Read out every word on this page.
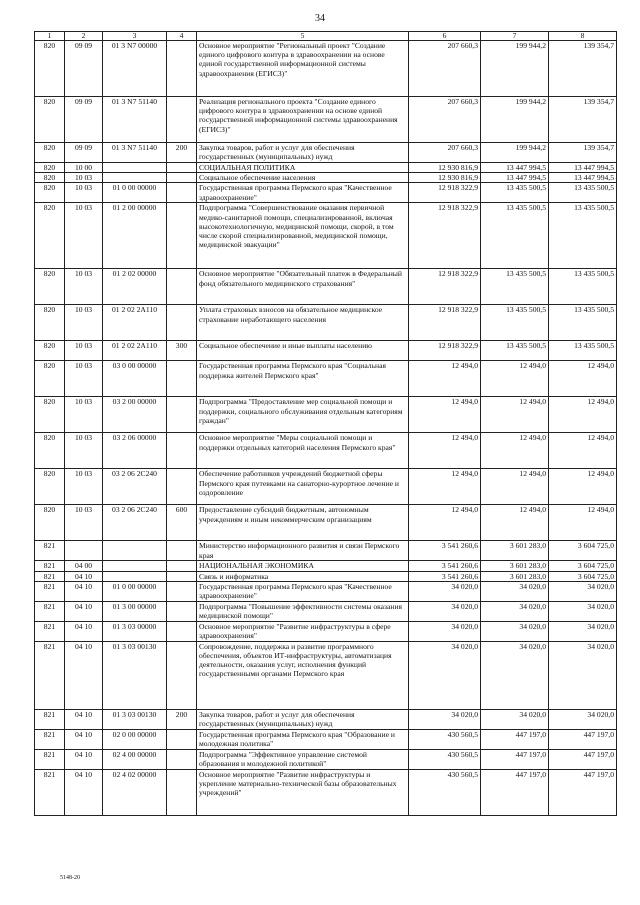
34
1	2	3	4	5	6	7	8
820	09 09	01 3 N7 00000		Основное мероприятие "Региональный проект "Создание единого цифрового контура в здравоохранении на основе единой государственной информационной системы здравоохранения (ЕГИСЗ)"	207 660,3	199 944,2	139 354,7
820	09 09	01 3 N7 51140		Реализация регионального проекта "Создание единого цифрового контура в здравоохранении на основе единой государственной информационной системы здравоохранения (ЕГИСЗ)"	207 660,3	199 944,2	139 354,7
820	09 09	01 3 N7 51140	200	Закупка товаров, работ и услуг для обеспечения государственных (муниципальных) нужд	207 660,3	199 944,2	139 354,7
820	10 00			СОЦИАЛЬНАЯ ПОЛИТИКА	12 930 816,9	13 447 994,5	13 447 994,5
820	10 03			Социальное обеспечение населения	12 930 816,9	13 447 994,5	13 447 994,5
820	10 03	01 0 00 00000		Государственная программа Пермского края "Качественное здравоохранение"	12 918 322,9	13 435 500,5	13 435 500,5
820	10 03	01 2 00 00000		Подпрограмма "Совершенствование оказания первичной медико-санитарной помощи, специализированной, включая высокотехнологичную, медицинской помощи, скорой, в том числе скорой специализированной, медицинской помощи, медицинской эвакуации"	12 918 322,9	13 435 500,5	13 435 500,5
820	10 03	01 2 02 00000		Основное мероприятие "Обязательный платеж в Федеральный фонд обязательного медицинского страхования"	12 918 322,9	13 435 500,5	13 435 500,5
820	10 03	01 2 02 2А110		Уплата страховых взносов на обязательное медицинское страхование неработающего населения	12 918 322,9	13 435 500,5	13 435 500,5
820	10 03	01 2 02 2А110	300	Социальное обеспечение и иные выплаты населению	12 918 322,9	13 435 500,5	13 435 500,5
820	10 03	03 0 00 00000		Государственная программа Пермского края "Социальная поддержка жителей Пермского края"	12 494,0	12 494,0	12 494,0
820	10 03	03 2 00 00000		Подпрограмма "Предоставление мер социальной помощи и поддержки, социального обслуживания отдельным категориям граждан"	12 494,0	12 494,0	12 494,0
820	10 03	03 2 06 00000		Основное мероприятие "Меры социальной помощи и поддержки отдельных категорий населения Пермского края"	12 494,0	12 494,0	12 494,0
820	10 03	03 2 06 2С240		Обеспечение работников учреждений бюджетной сферы Пермского края путевками на санаторно-курортное лечение и оздоровление	12 494,0	12 494,0	12 494,0
820	10 03	03 2 06 2С240	600	Предоставление субсидий бюджетным, автономным учреждениям и иным некоммерческим организациям	12 494,0	12 494,0	12 494,0
821				Министерство информационного развития и связи Пермского края	3 541 260,6	3 601 283,0	3 604 725,0
821	04 00			НАЦИОНАЛЬНАЯ ЭКОНОМИКА	3 541 260,6	3 601 283,0	3 604 725,0
821	04 10			Связь и информатика	3 541 260,6	3 601 283,0	3 604 725,0
821	04 10	01 0 00 00000		Государственная программа Пермского края "Качественное здравоохранение"	34 020,0	34 020,0	34 020,0
821	04 10	01 3 00 00000		Подпрограмма "Повышение эффективности системы оказания медицинской помощи"	34 020,0	34 020,0	34 020,0
821	04 10	01 3 03 00000		Основное мероприятие "Развитие инфраструктуры в сфере здравоохранения"	34 020,0	34 020,0	34 020,0
821	04 10	01 3 03 00130		Сопровождение, поддержка и развитие программного обеспечения, объектов ИТ-инфраструктуры, автоматизация деятельности, оказания услуг, исполнения функций государственными органами Пермского края	34 020,0	34 020,0	34 020,0
821	04 10	01 3 03 00130	200	Закупка товаров, работ и услуг для обеспечения государственных (муниципальных) нужд	34 020,0	34 020,0	34 020,0
821	04 10	02 0 00 00000		Государственная программа Пермского края "Образование и молодежная политика"	430 560,5	447 197,0	447 197,0
821	04 10	02 4 00 00000		Подпрограмма "Эффективное управление системой образования и молодежной политикой"	430 560,5	447 197,0	447 197,0
821	04 10	02 4 02 00000		Основное мероприятие "Развитие инфраструктуры и укрепление материально-технической базы образовательных учреждений"	430 560,5	447 197,0	447 197,0
5148-20
